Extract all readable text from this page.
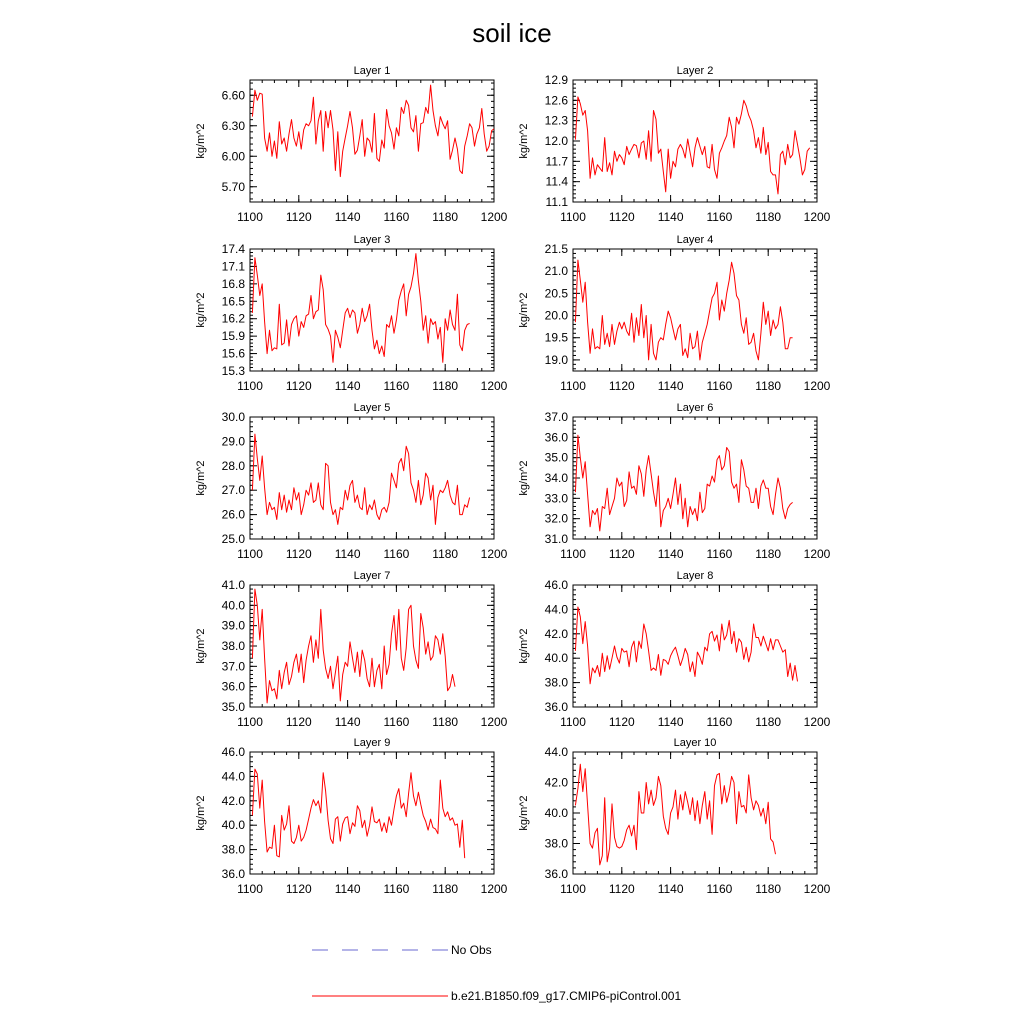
soil ice
Layer 1
kg/m^2
1100 1120 1140 1160 1180 1200
5.70
6.00
6.30
6.60
Layer 2
kg/m^2
1100 1120 1140 1160 1180 1200
11.1
11.4
11.7
12.0
12.3
12.6
12.9
Layer 3
kg/m^2
1100 1120 1140 1160 1180 1200
15.3
15.6
15.9
16.2
16.5
16.8
17.1
17.4
Layer 4
kg/m^2
1100 1120 1140 1160 1180 1200
19.0
19.5
20.0
20.5
21.0
21.5
Layer 5
kg/m^2
1100 1120 1140 1160 1180 1200
25.0
26.0
27.0
28.0
29.0
30.0
Layer 6
kg/m^2
1100 1120 1140 1160 1180 1200
31.0
32.0
33.0
34.0
35.0
36.0
37.0
Layer 7
kg/m^2
1100 1120 1140 1160 1180 1200
35.0
36.0
37.0
38.0
39.0
40.0
41.0
Layer 8
kg/m^2
1100 1120 1140 1160 1180 1200
36.0
38.0
40.0
42.0
44.0
46.0
Layer 9
kg/m^2
1100 1120 1140 1160 1180 1200
36.0
38.0
40.0
42.0
44.0
46.0
Layer 10
kg/m^2
1100 1120 1140 1160 1180 1200
36.0
38.0
40.0
42.0
44.0
No Obs
b.e21.B1850.f09_g17.CMIP6-piControl.001
